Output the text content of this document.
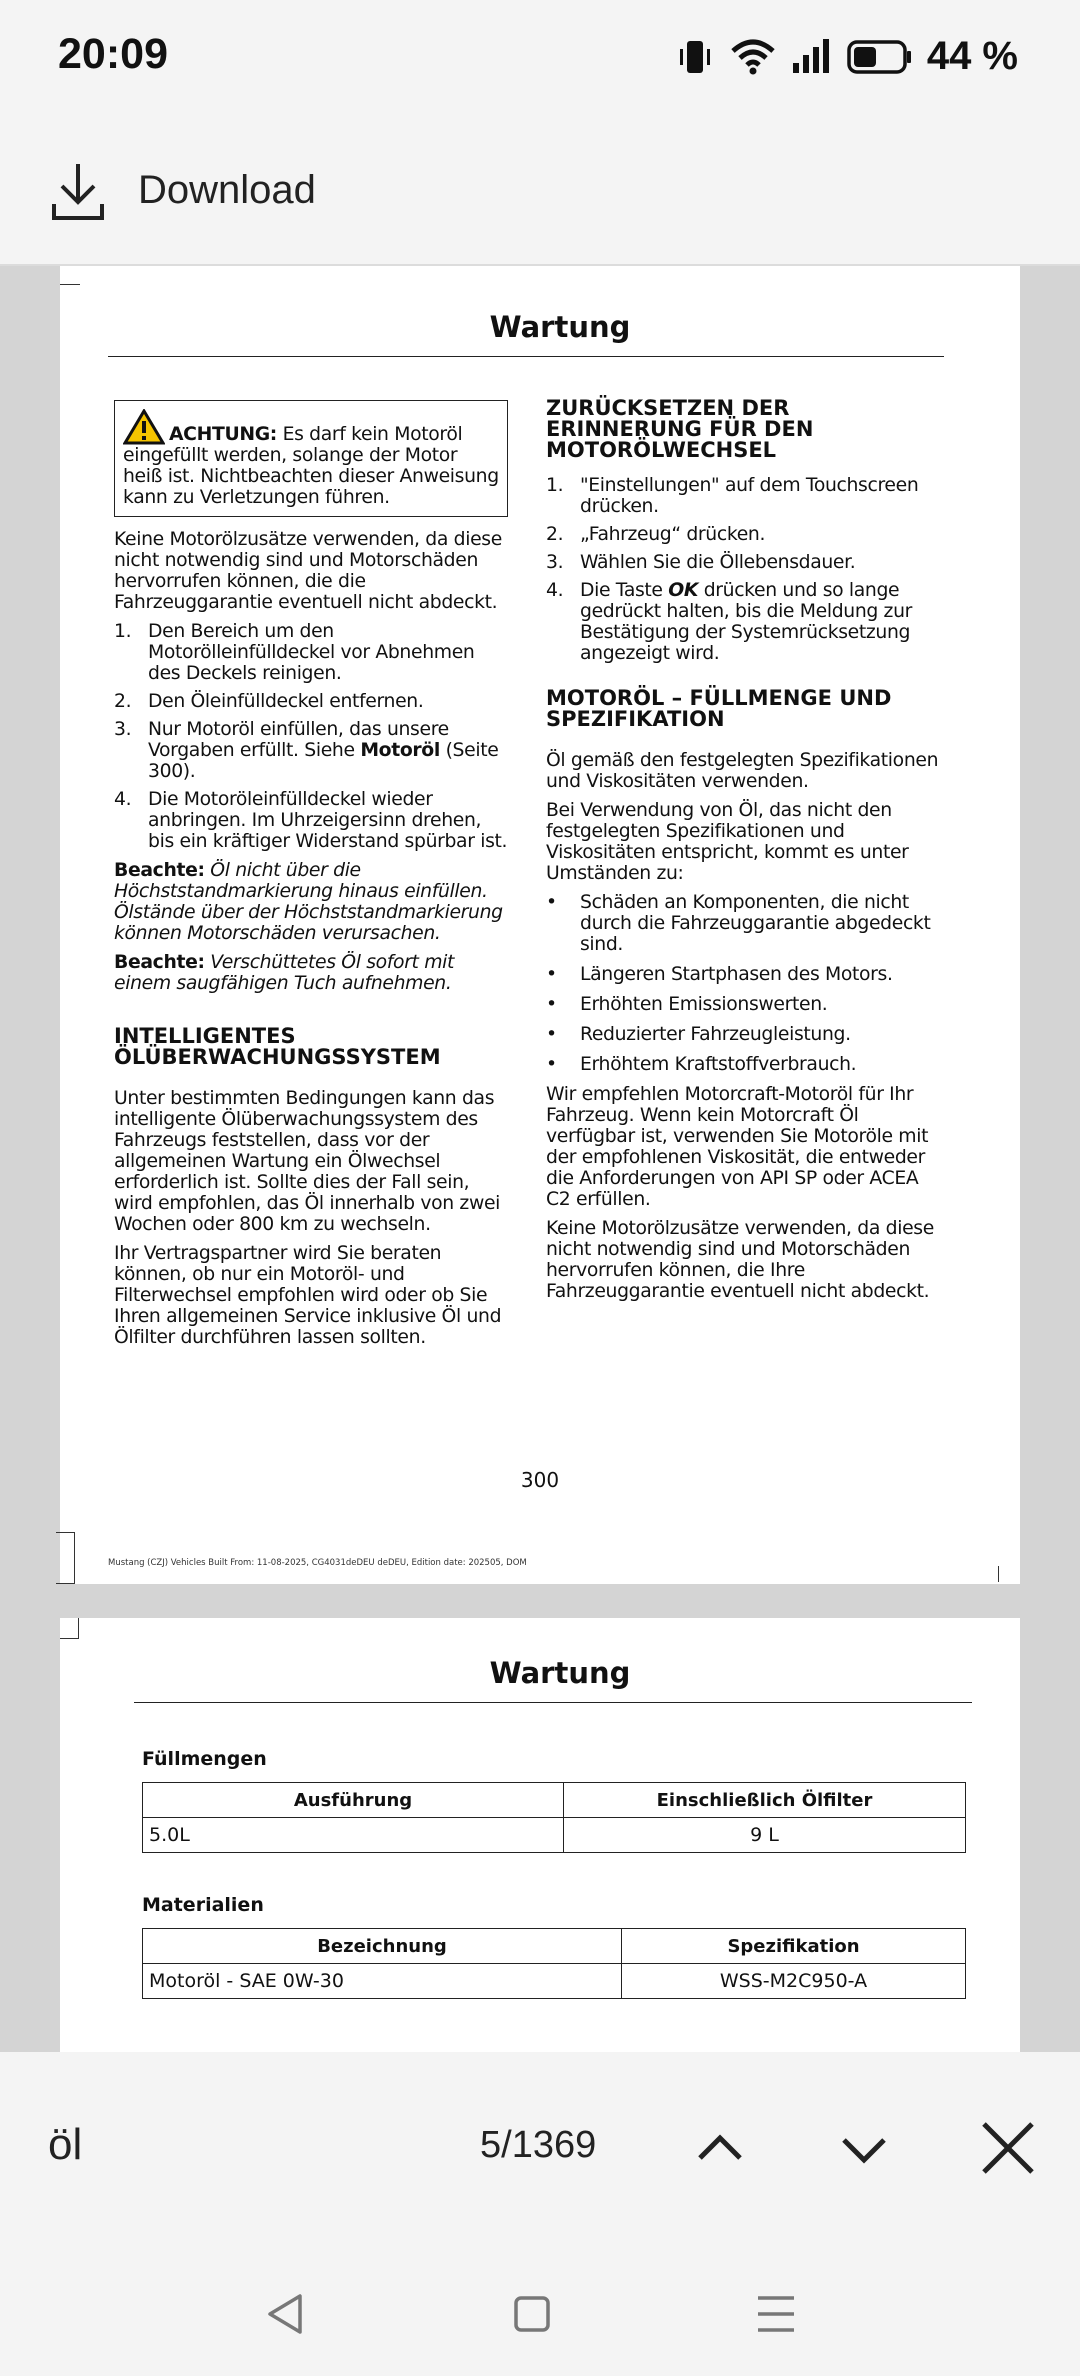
20:09	44 %
Download
Wartung
ACHTUNG: Es darf kein Motoröl eingefüllt werden, solange der Motor heiß ist. Nichtbeachten dieser Anweisung kann zu Verletzungen führen.

Keine Motorölzusätze verwenden, da diese nicht notwendig sind und Motorschäden hervorrufen können, die die Fahrzeuggarantie eventuell nicht abdeckt.

1. Den Bereich um den Motorölleinfülldeckel vor Abnehmen des Deckels reinigen.
2. Den Öleinfülldeckel entfernen.
3. Nur Motoröl einfüllen, das unsere Vorgaben erfüllt. Siehe Motoröl (Seite 300).
4. Die Motoröleinfülldeckel wieder anbringen. Im Uhrzeigersinn drehen, bis ein kräftiger Widerstand spürbar ist.

Beachte: Öl nicht über die Höchststandmarkierung hinaus einfüllen. Ölstände über der Höchststandmarkierung können Motorschäden verursachen.

Beachte: Verschüttetes Öl sofort mit einem saugfähigen Tuch aufnehmen.

INTELLIGENTES ÖLÜBERWACHUNGSSYSTEM

Unter bestimmten Bedingungen kann das intelligente Ölüberwachungssystem des Fahrzeugs feststellen, dass vor der allgemeinen Wartung ein Ölwechsel erforderlich ist. Sollte dies der Fall sein, wird empfohlen, das Öl innerhalb von zwei Wochen oder 800 km zu wechseln.

Ihr Vertragspartner wird Sie beraten können, ob nur ein Motoröl- und Filterwechsel empfohlen wird oder ob Sie Ihren allgemeinen Service inklusive Öl und Ölfilter durchführen lassen sollten.

ZURÜCKSETZEN DER ERINNERUNG FÜR DEN MOTORÖLWECHSEL
1. "Einstellungen" auf dem Touchscreen drücken.
2. „Fahrzeug“ drücken.
3. Wählen Sie die Öllebensdauer.
4. Die Taste OK drücken und so lange gedrückt halten, bis die Meldung zur Bestätigung der Systemrücksetzung angezeigt wird.
MOTORÖL – FÜLLMENGE UND SPEZIFIKATION

Öl gemäß den festgelegten Spezifikationen und Viskositäten verwenden.

Bei Verwendung von Öl, das nicht den festgelegten Spezifikationen und Viskositäten entspricht, kommt es unter Umständen zu:

•	Schäden an Komponenten, die nicht durch die Fahrzeuggarantie abgedeckt sind.
•	Längeren Startphasen des Motors.
•	Erhöhten Emissionswerten.
•	Reduzierter Fahrzeugleistung.
•	Erhöhtem Kraftstoffverbrauch.

Wir empfehlen Motorcraft-Motoröl für Ihr Fahrzeug. Wenn kein Motorcraft Öl verfügbar ist, verwenden Sie Motoröle mit der empfohlenen Viskosität, die entweder die Anforderungen von API SP oder ACEA C2 erfüllen.

Keine Motorölzusätze verwenden, da diese nicht notwendig sind und Motorschäden hervorrufen können, die Ihre Fahrzeuggarantie eventuell nicht abdeckt.

300
Mustang (CZJ) Vehicles Built From: 11-08-2025, CG4031deDEU deDEU, Edition date: 202505, DOM
Wartung
Füllmengen
Ausführung	Einschließlich Ölfilter
5.0L	9 L
Materialien
Bezeichnung	Spezifikation
Motoröl - SAE 0W-30	WSS-M2C950-A
öl	5/1369
